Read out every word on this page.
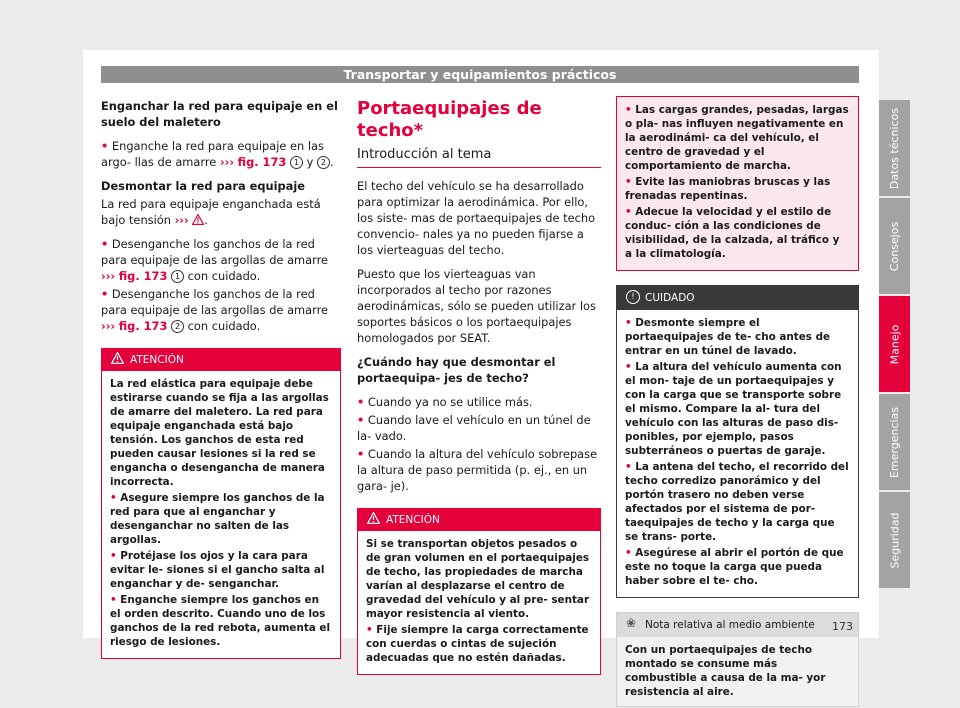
Transportar y equipamientos prácticos
Datos técnicos
Consejos
Manejo
Emergencias
Seguridad

Enganchar la red para equipaje en el suelo del maletero

• Enganche la red para equipaje en las argo- llas de amarre ››› fig. 173 1 y 2 .

Desmontar la red para equipaje

La red para equipaje enganchada está bajo tensión ››› .

• Desenganche los ganchos de la red para equipaje de las argollas de amarre ››› fig. 173 1 con cuidado.

• Desenganche los ganchos de la red para equipaje de las argollas de amarre ››› fig. 173 2 con cuidado.

ATENCIÓN

La red elástica para equipaje debe estirarse cuando se fija a las argollas de amarre del maletero. La red para equipaje enganchada está bajo tensión. Los ganchos de esta red pueden causar lesiones si la red se engancha o desengancha de manera incorrecta.

• Asegure siempre los ganchos de la red para que al enganchar y desenganchar no salten de las argollas.

• Protéjase los ojos y la cara para evitar le- siones si el gancho salta al enganchar y de- senganchar.

• Enganche siempre los ganchos en el orden descrito. Cuando uno de los ganchos de la red rebota, aumenta el riesgo de lesiones.

Portaequipajes de techo*
Introducción al tema

El techo del vehículo se ha desarrollado para optimizar la aerodinámica. Por ello, los siste- mas de portaequipajes de techo convencio- nales ya no pueden fijarse a los vierteaguas del techo.

Puesto que los vierteaguas van incorporados al techo por razones aerodinámicas, sólo se pueden utilizar los soportes básicos o los portaequipajes homologados por SEAT.

¿Cuándo hay que desmontar el portaequipa- jes de techo?

• Cuando ya no se utilice más.

• Cuando lave el vehículo en un túnel de la- vado.

• Cuando la altura del vehículo sobrepase la altura de paso permitida (p. ej., en un gara- je).

ATENCIÓN

Si se transportan objetos pesados o de gran volumen en el portaequipajes de techo, las propiedades de marcha varían al desplazarse el centro de gravedad del vehículo y al pre- sentar mayor resistencia al viento.

• Fije siempre la carga correctamente con cuerdas o cintas de sujeción adecuadas que no estén dañadas.

• Las cargas grandes, pesadas, largas o pla- nas influyen negativamente en la aerodinámi- ca del vehículo, el centro de gravedad y el comportamiento de marcha.

• Evite las maniobras bruscas y las frenadas repentinas.

• Adecue la velocidad y el estilo de conduc- ción a las condiciones de visibilidad, de la calzada, al tráfico y a la climatología.

! CUIDADO

• Desmonte siempre el portaequipajes de te- cho antes de entrar en un túnel de lavado.

• La altura del vehículo aumenta con el mon- taje de un portaequipajes y con la carga que se transporte sobre el mismo. Compare la al- tura del vehículo con las alturas de paso dis- ponibles, por ejemplo, pasos subterráneos o puertas de garaje.

• La antena del techo, el recorrido del techo corredizo panorámico y del portón trasero no deben verse afectados por el sistema de por- taequipajes de techo y la carga que se trans- porte.

• Asegúrese al abrir el portón de que este no toque la carga que pueda haber sobre el te- cho.

❀ Nota relativa al medio ambiente

Con un portaequipajes de techo montado se consume más combustible a causa de la ma- yor resistencia al aire.

173
